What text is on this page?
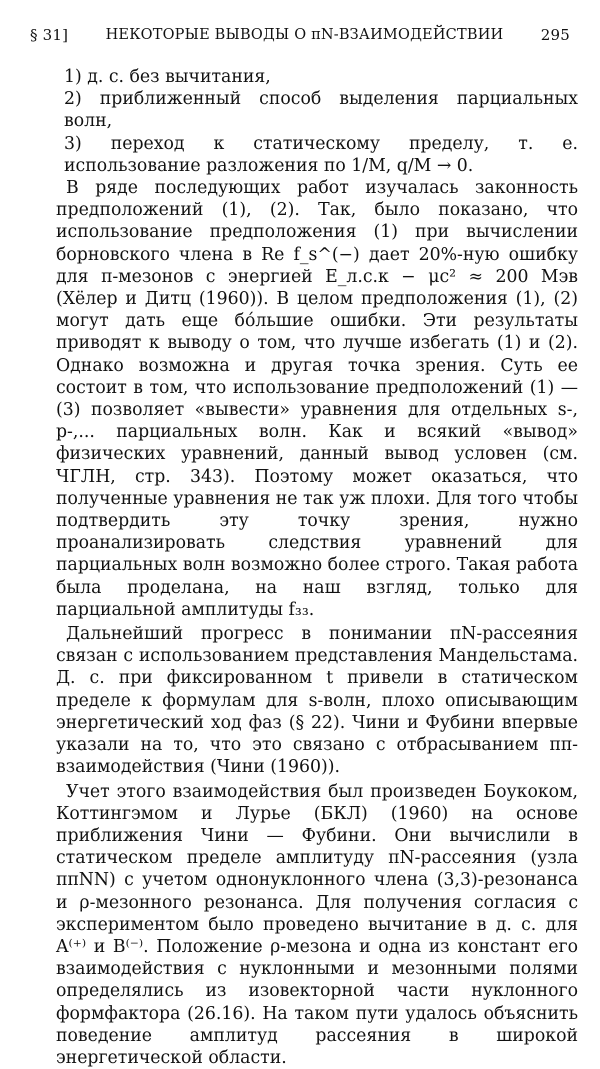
§ 31]	НЕКОТОРЫЕ ВЫВОДЫ О πN-ВЗАИМОДЕЙСТВИИ 295
1) д. с. без вычитания,
2) приближенный способ выделения парциальных волн,
3) переход к статическому пределу, т. е. использование разложения по 1/M, q/M → 0.
В ряде последующих работ изучалась законность предположений (1), (2). Так, было показано, что использование предположения (1) при вычислении борновского члена в Re f_s^(−) дает 20%-ную ошибку для π-мезонов с энергией E_л.с.к − μc² ≈ 200 Мэв (Хёлер и Дитц (1960)). В целом предположения (1), (2) могут дать еще бо́льшие ошибки. Эти результаты приводят к выводу о том, что лучше избегать (1) и (2). Однако возможна и другая точка зрения. Суть ее состоит в том, что использование предположений (1) — (3) позволяет «вывести» уравнения для отдельных s-, p-,... парциальных волн. Как и всякий «вывод» физических уравнений, данный вывод условен (см. ЧГЛН, стр. 343). Поэтому может оказаться, что полученные уравнения не так уж плохи. Для того чтобы подтвердить эту точку зрения, нужно проанализировать следствия уравнений для парциальных волн возможно более строго. Такая работа была проделана, на наш взгляд, только для парциальной амплитуды f₃₃.
Дальнейший прогресс в понимании πN-рассеяния связан с использованием представления Мандельстама. Д. с. при фиксированном t привели в статическом пределе к формулам для s-волн, плохо описывающим энергетический ход фаз (§ 22). Чини и Фубини впервые указали на то, что это связано с отбрасыванием ππ-взаимодействия (Чини (1960)).
Учет этого взаимодействия был произведен Боукоком, Коттингэмом и Лурье (БКЛ) (1960) на основе приближения Чини — Фубини. Они вычислили в статическом пределе амплитуду πN-рассеяния (узла ππNN) с учетом однонуклонного члена (3,3)-резонанса и ρ-мезонного резонанса. Для получения согласия с экспериментом было проведено вычитание в д. с. для A⁽⁺⁾ и B⁽⁻⁾. Положение ρ-мезона и одна из констант его взаимодействия с нуклонными и мезонными полями определялись из изовекторной части нуклонного формфактора (26.16). На таком пути удалось объяснить поведение амплитуд рассеяния в широкой энергетической области.
